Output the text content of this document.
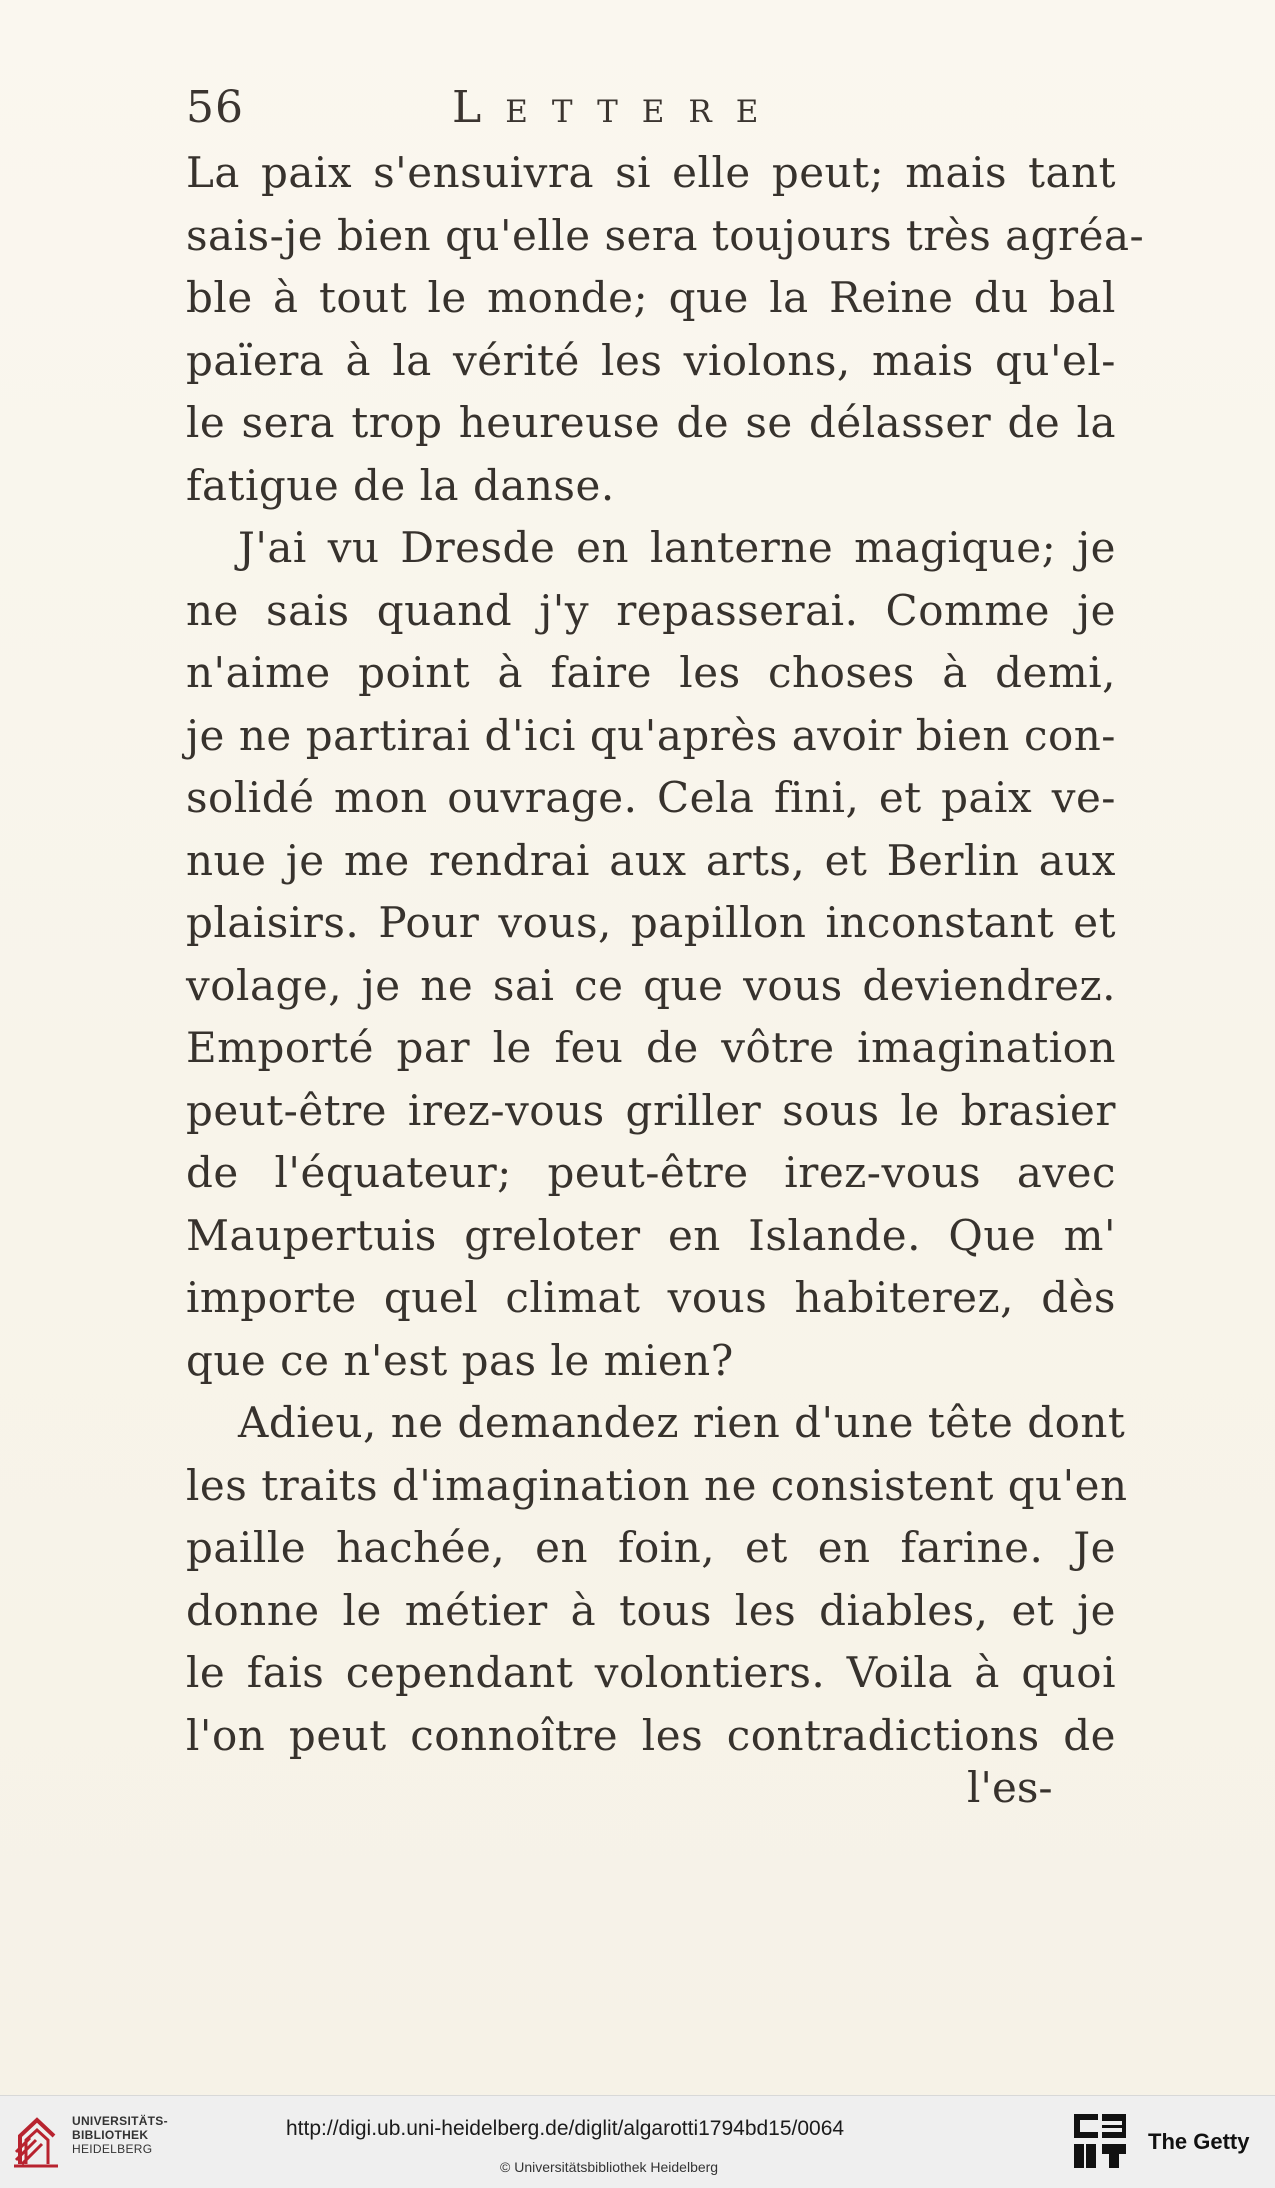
56	Lettere
La paix s'ensuivra si elle peut; mais tant
sais-je bien qu'elle sera toujours très agréa-
ble à tout le monde; que la Reine du bal
païera à la vérité les violons, mais qu'el-
le sera trop heureuse de se délasser de la
fatigue de la danse.
J'ai vu Dresde en lanterne magique; je
ne sais quand j'y repasserai. Comme je
n'aime point à faire les choses à demi,
je ne partirai d'ici qu'après avoir bien con-
solidé mon ouvrage. Cela fini, et paix ve-
nue je me rendrai aux arts, et Berlin aux
plaisirs. Pour vous, papillon inconstant et
volage, je ne sai ce que vous deviendrez.
Emporté par le feu de vôtre imagination
peut-être irez-vous griller sous le brasier
de l'équateur; peut-être irez-vous avec
Maupertuis greloter en Islande. Que m'
importe quel climat vous habiterez, dès
que ce n'est pas le mien?
Adieu, ne demandez rien d'une tête dont
les traits d'imagination ne consistent qu'en
paille hachée, en foin, et en farine. Je
donne le métier à tous les diables, et je
le fais cependant volontiers. Voila à quoi
l'on peut connoître les contradictions de
l'es-
UNIVERSITÄTS-
BIBLIOTHEK
HEIDELBERG
http://digi.ub.uni-heidelberg.de/diglit/algarotti1794bd15/0064
© Universitätsbibliothek Heidelberg
The Getty
